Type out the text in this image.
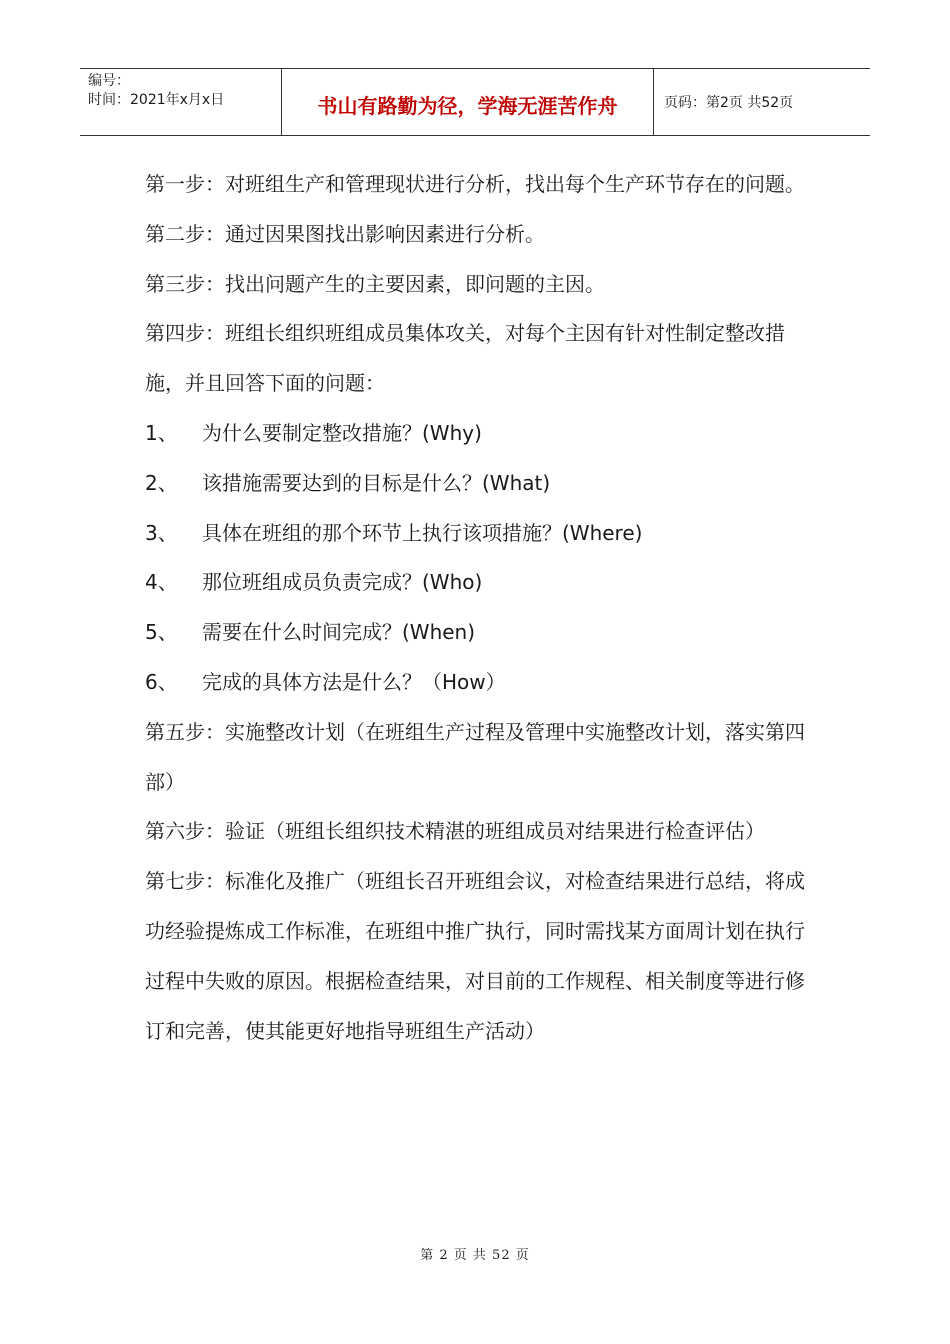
编号：
时间：2021年x月x日	书山有路勤为径，学海无涯苦作舟	页码：第2页 共52页

第一步：对班组生产和管理现状进行分析，找出每个生产环节存在的问题。

第二步：通过因果图找出影响因素进行分析。

第三步：找出问题产生的主要因素，即问题的主因。

第四步：班组长组织班组成员集体攻关，对每个主因有针对性制定整改措施，并且回答下面的问题：

1、	为什么要制定整改措施？(Why)
2、	该措施需要达到的目标是什么？(What)
3、	具体在班组的那个环节上执行该项措施？(Where)
4、	那位班组成员负责完成？(Who)
5、	需要在什么时间完成？(When)
6、	完成的具体方法是什么？（How）

第五步：实施整改计划（在班组生产过程及管理中实施整改计划，落实第四部）

第六步：验证（班组长组织技术精湛的班组成员对结果进行检查评估）

第七步：标准化及推广（班组长召开班组会议，对检查结果进行总结，将成功经验提炼成工作标准，在班组中推广执行，同时需找某方面周计划在执行过程中失败的原因。根据检查结果，对目前的工作规程、相关制度等进行修订和完善，使其能更好地指导班组生产活动）

第 2 页 共 52 页
